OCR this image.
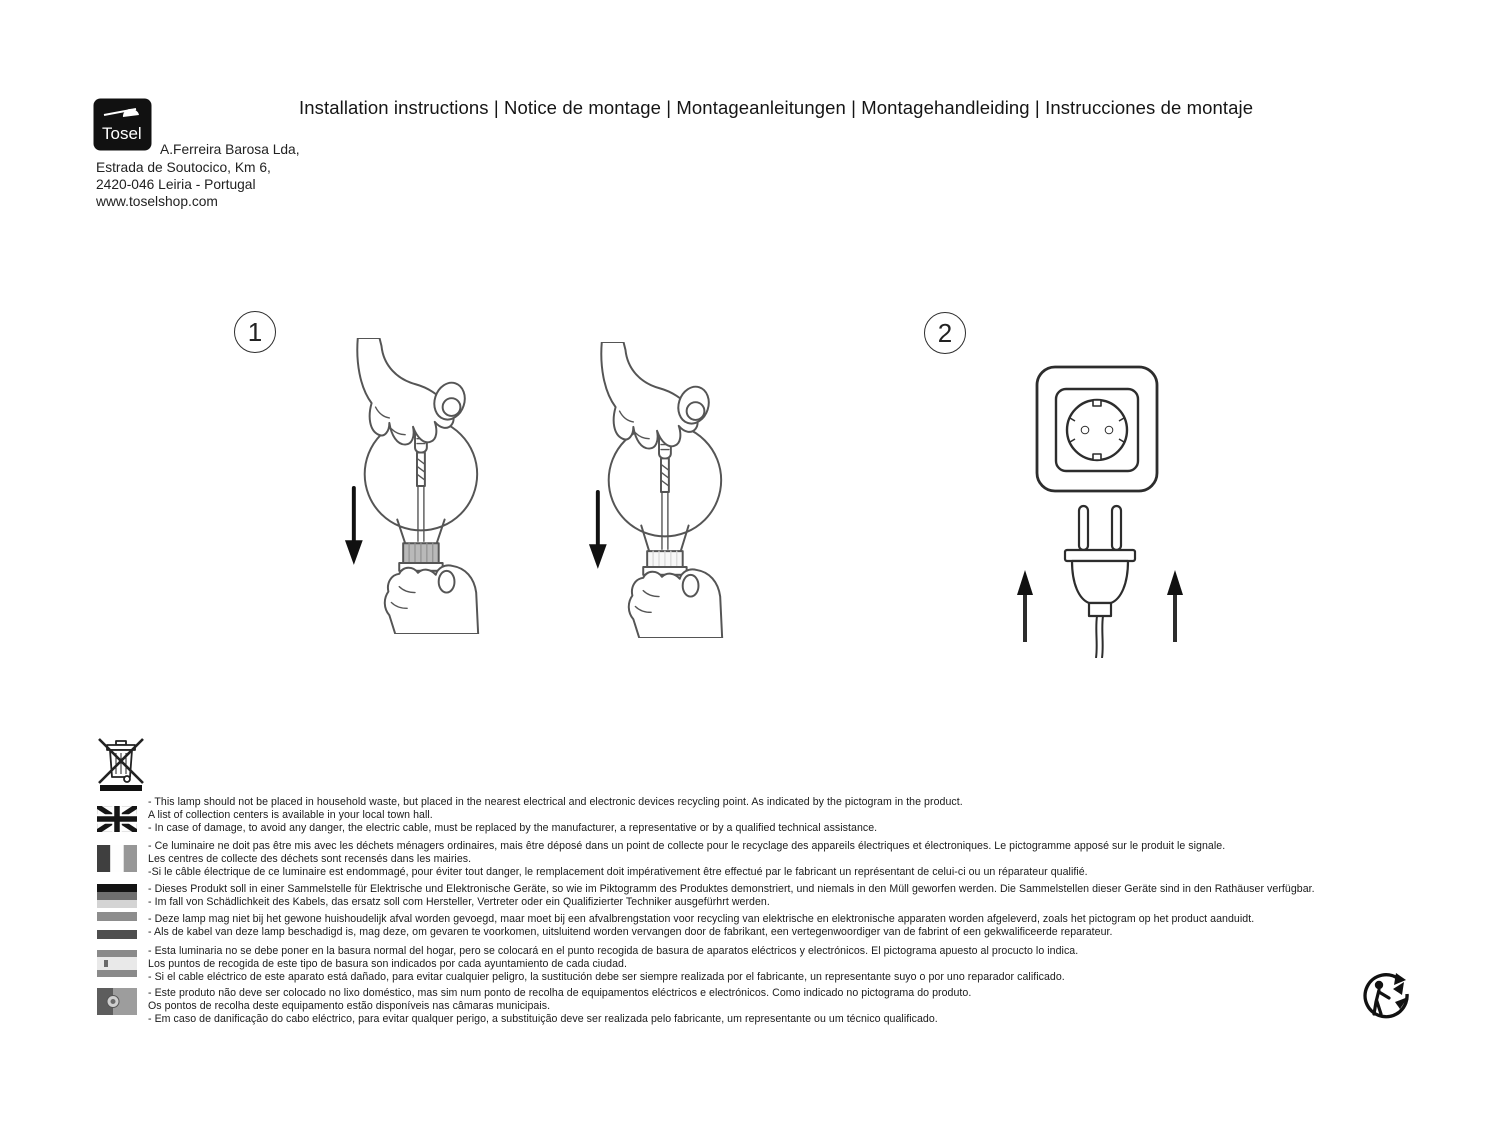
Tosel
A.Ferreira Barosa Lda,
Estrada de Soutocico, Km 6,
2420-046 Leiria - Portugal
www.toselshop.com
Installation instructions | Notice de montage | Montageanleitungen | Montagehandleiding | Instrucciones de montaje
1	2
- This lamp should not be placed in household waste, but placed in the nearest electrical and electronic devices recycling point. As indicated by the pictogram in the product.
A list of collection centers is available in your local town hall.
- In case of damage, to avoid any danger, the electric cable, must be replaced by the manufacturer, a representative or by a qualified technical assistance.
- Ce luminaire ne doit pas être mis avec les déchets ménagers ordinaires, mais être déposé dans un point de collecte pour le recyclage des appareils électriques et électroniques. Le pictogramme apposé sur le produit le signale.
Les centres de collecte des déchets sont recensés dans les mairies.
-Si le câble électrique de ce luminaire est endommagé, pour éviter tout danger, le remplacement doit impérativement être effectué par le fabricant un représentant de celui-ci ou un réparateur qualifié.
- Dieses Produkt soll in einer Sammelstelle für Elektrische und Elektronische Geräte, so wie im Piktogramm des Produktes demonstriert, und niemals in den Müll geworfen werden. Die Sammelstellen dieser Geräte sind in den Rathäuser verfügbar.
- Im fall von Schädlichkeit des Kabels, das ersatz soll com Hersteller, Vertreter oder ein Qualifizierter Techniker ausgefürhrt werden.
- Deze lamp mag niet bij het gewone huishoudelijk afval worden gevoegd, maar moet bij een afvalbrengstation voor recycling van elektrische en elektronische apparaten worden afgeleverd, zoals het pictogram op het product aanduidt.
- Als de kabel van deze lamp beschadigd is, mag deze, om gevaren te voorkomen, uitsluitend worden vervangen door de fabrikant, een vertegenwoordiger van de fabrint of een gekwalificeerde reparateur.
- Esta luminaria no se debe poner en la basura normal del hogar, pero se colocará en el punto recogida de basura de aparatos eléctricos y electrónicos. El pictograma apuesto al procucto lo indica.
Los puntos de recogida de este tipo de basura son indicados por cada ayuntamiento de cada ciudad.
- Si el cable eléctrico de este aparato está dañado, para evitar cualquier peligro, la sustitución debe ser siempre realizada por el fabricante, un representante suyo o por uno reparador calificado.
- Este produto não deve ser colocado no lixo doméstico, mas sim num ponto de recolha de equipamentos eléctricos e electrónicos. Como indicado no pictograma do produto.
Os pontos de recolha deste equipamento estão disponíveis nas câmaras municipais.
- Em caso de danificação do cabo eléctrico, para evitar qualquer perigo, a substituição deve ser realizada pelo fabricante, um representante ou um técnico qualificado.
